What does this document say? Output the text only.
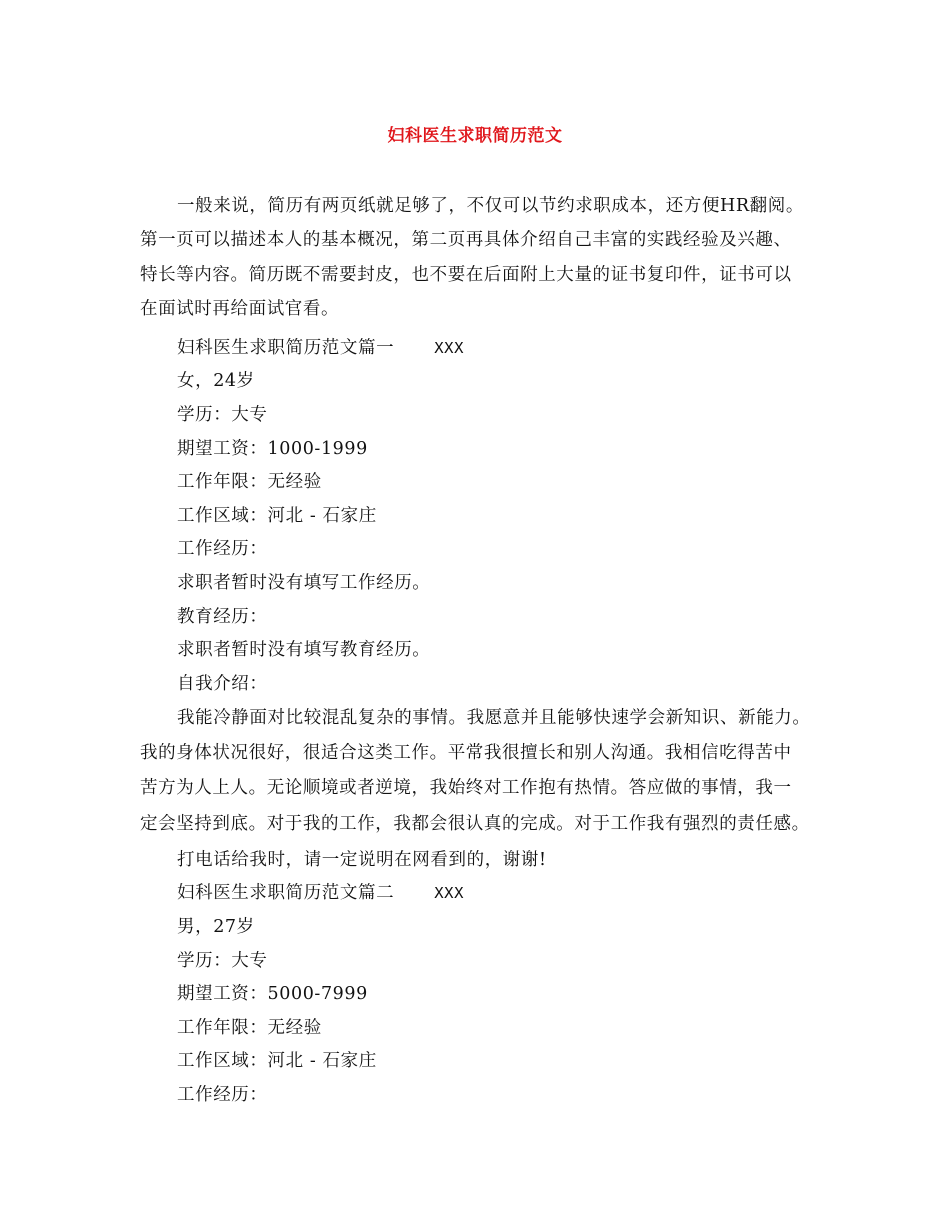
妇科医生求职简历范文
一般来说，简历有两页纸就足够了，不仅可以节约求职成本，还方便HR翻阅。
第一页可以描述本人的基本概况，第二页再具体介绍自己丰富的实践经验及兴趣、
特长等内容。简历既不需要封皮，也不要在后面附上大量的证书复印件，证书可以
在面试时再给面试官看。
妇科医生求职简历范文篇一	XXX
女，24岁
学历：大专
期望工资：1000-1999
工作年限：无经验
工作区域：河北 - 石家庄
工作经历：
求职者暂时没有填写工作经历。
教育经历：
求职者暂时没有填写教育经历。
自我介绍：
我能冷静面对比较混乱复杂的事情。我愿意并且能够快速学会新知识、新能力。
我的身体状况很好，很适合这类工作。平常我很擅长和别人沟通。我相信吃得苦中
苦方为人上人。无论顺境或者逆境，我始终对工作抱有热情。答应做的事情，我一
定会坚持到底。对于我的工作，我都会很认真的完成。对于工作我有强烈的责任感。
打电话给我时，请一定说明在网看到的，谢谢!
妇科医生求职简历范文篇二	XXX
男，27岁
学历：大专
期望工资：5000-7999
工作年限：无经验
工作区域：河北 - 石家庄
工作经历：
